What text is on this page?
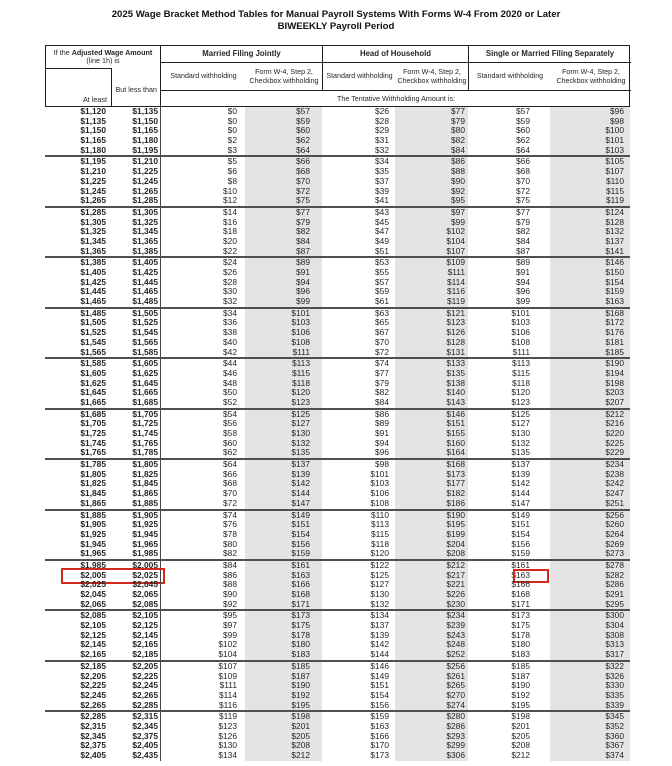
2025 Wage Bracket Method Tables for Manual Payroll Systems With Forms W-4 From 2020 or Later
BIWEEKLY Payroll Period
If the Adjusted Wage Amount (line 1h) is
But less than
At least
Married Filing Jointly	Head of Household	Single or Married Filing Separately
Standard withholding
Form W-4, Step 2, Checkbox withholding
Standard withholding
Form W-4, Step 2, Checkbox withholding
Standard withholding
Form W-4, Step 2, Checkbox withholding
The Tentative Withholding Amount is:
$1,120	$1,135	$0	$57	$26	$77	$57	$96
$1,135	$1,150	$0	$59	$28	$79	$59	$98
$1,150	$1,165	$0	$60	$29	$80	$60	$100
$1,165	$1,180	$2	$62	$31	$82	$62	$101
$1,180	$1,195	$3	$64	$32	$84	$64	$103
$1,195	$1,210	$5	$66	$34	$86	$66	$105
$1,210	$1,225	$6	$68	$35	$88	$68	$107
$1,225	$1,245	$8	$70	$37	$90	$70	$110
$1,245	$1,265	$10	$72	$39	$92	$72	$115
$1,265	$1,285	$12	$75	$41	$95	$75	$119
$1,285	$1,305	$14	$77	$43	$97	$77	$124
$1,305	$1,325	$16	$79	$45	$99	$79	$128
$1,325	$1,345	$18	$82	$47	$102	$82	$132
$1,345	$1,365	$20	$84	$49	$104	$84	$137
$1,365	$1,385	$22	$87	$51	$107	$87	$141
$1,385	$1,405	$24	$89	$53	$109	$89	$146
$1,405	$1,425	$26	$91	$55	$111	$91	$150
$1,425	$1,445	$28	$94	$57	$114	$94	$154
$1,445	$1,465	$30	$96	$59	$116	$96	$159
$1,465	$1,485	$32	$99	$61	$119	$99	$163
$1,485	$1,505	$34	$101	$63	$121	$101	$168
$1,505	$1,525	$36	$103	$65	$123	$103	$172
$1,525	$1,545	$38	$106	$67	$126	$106	$176
$1,545	$1,565	$40	$108	$70	$128	$108	$181
$1,565	$1,585	$42	$111	$72	$131	$111	$185
$1,585	$1,605	$44	$113	$74	$133	$113	$190
$1,605	$1,625	$46	$115	$77	$135	$115	$194
$1,625	$1,645	$48	$118	$79	$138	$118	$198
$1,645	$1,665	$50	$120	$82	$140	$120	$203
$1,665	$1,685	$52	$123	$84	$143	$123	$207
$1,685	$1,705	$54	$125	$86	$146	$125	$212
$1,705	$1,725	$56	$127	$89	$151	$127	$216
$1,725	$1,745	$58	$130	$91	$155	$130	$220
$1,745	$1,765	$60	$132	$94	$160	$132	$225
$1,765	$1,785	$62	$135	$96	$164	$135	$229
$1,785	$1,805	$64	$137	$98	$168	$137	$234
$1,805	$1,825	$66	$139	$101	$173	$139	$238
$1,825	$1,845	$68	$142	$103	$177	$142	$242
$1,845	$1,865	$70	$144	$106	$182	$144	$247
$1,865	$1,885	$72	$147	$108	$186	$147	$251
$1,885	$1,905	$74	$149	$110	$190	$149	$256
$1,905	$1,925	$76	$151	$113	$195	$151	$260
$1,925	$1,945	$78	$154	$115	$199	$154	$264
$1,945	$1,965	$80	$156	$118	$204	$156	$269
$1,965	$1,985	$82	$159	$120	$208	$159	$273
$1,985	$2,005	$84	$161	$122	$212	$161	$278
$2,005	$2,025	$86	$163	$125	$217	$163	$282
$2,025	$2,045	$88	$166	$127	$221	$166	$286
$2,045	$2,065	$90	$168	$130	$226	$168	$291
$2,065	$2,085	$92	$171	$132	$230	$171	$295
$2,085	$2,105	$95	$173	$134	$234	$173	$300
$2,105	$2,125	$97	$175	$137	$239	$175	$304
$2,125	$2,145	$99	$178	$139	$243	$178	$308
$2,145	$2,165	$102	$180	$142	$248	$180	$313
$2,165	$2,185	$104	$183	$144	$252	$183	$317
$2,185	$2,205	$107	$185	$146	$256	$185	$322
$2,205	$2,225	$109	$187	$149	$261	$187	$326
$2,225	$2,245	$111	$190	$151	$265	$190	$330
$2,245	$2,265	$114	$192	$154	$270	$192	$335
$2,265	$2,285	$116	$195	$156	$274	$195	$339
$2,285	$2,315	$119	$198	$159	$280	$198	$345
$2,315	$2,345	$123	$201	$163	$286	$201	$352
$2,345	$2,375	$126	$205	$166	$293	$205	$360
$2,375	$2,405	$130	$208	$170	$299	$208	$367
$2,405	$2,435	$134	$212	$173	$306	$212	$374
